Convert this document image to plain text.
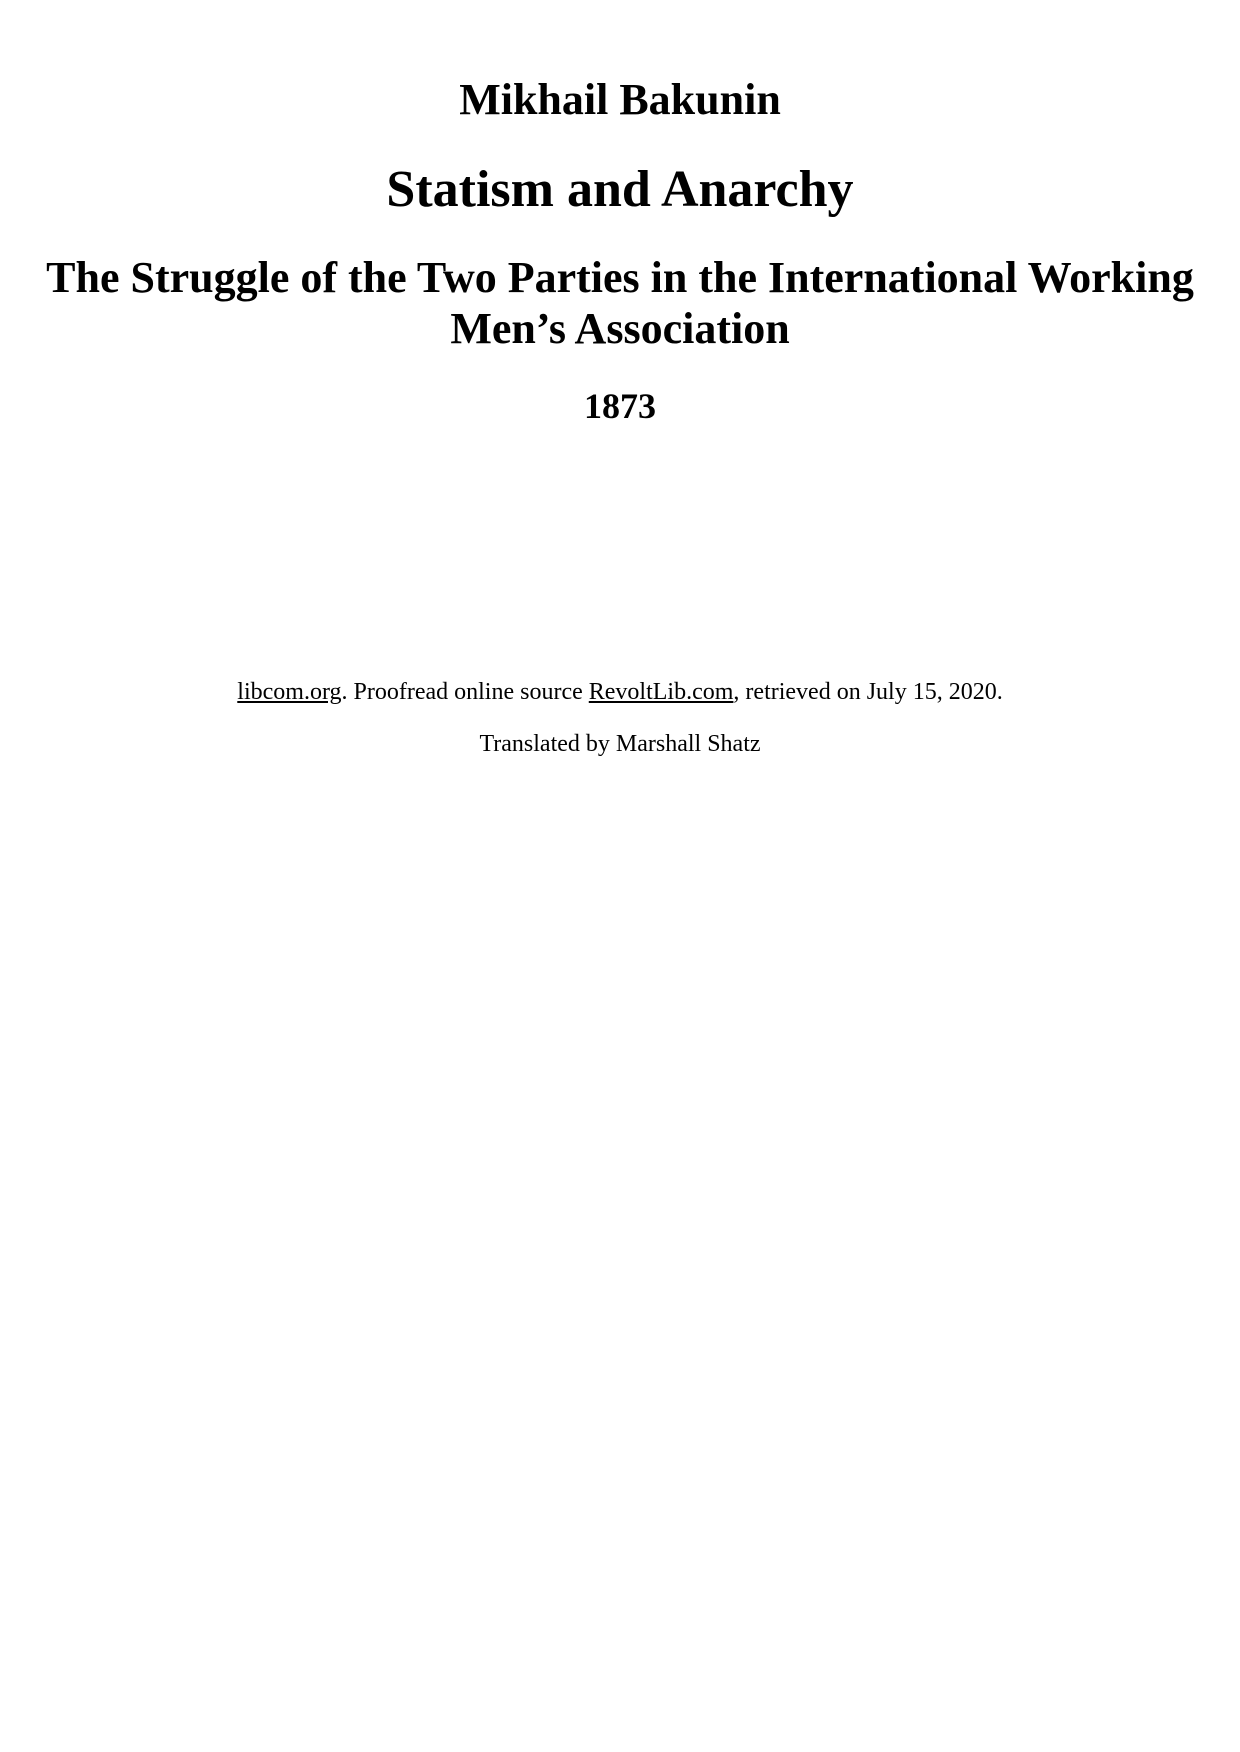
Mikhail Bakunin
Statism and Anarchy
The Struggle of the Two Parties in the International Working Men’s Association
1873

libcom.org. Proofread online source RevoltLib.com, retrieved on July 15, 2020.

Translated by Marshall Shatz
